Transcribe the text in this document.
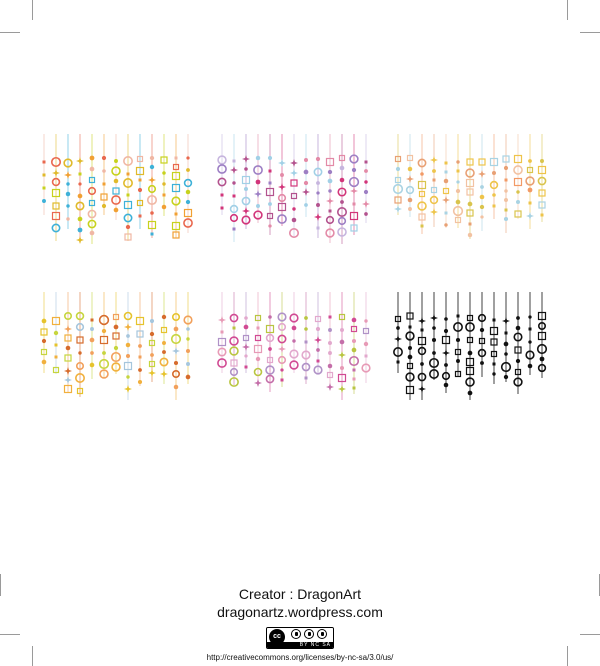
Creator : DragonArt
dragonartz.wordpress.com
cc
BY NC SA
http://creativecommons.org/licenses/by-nc-sa/3.0/us/
